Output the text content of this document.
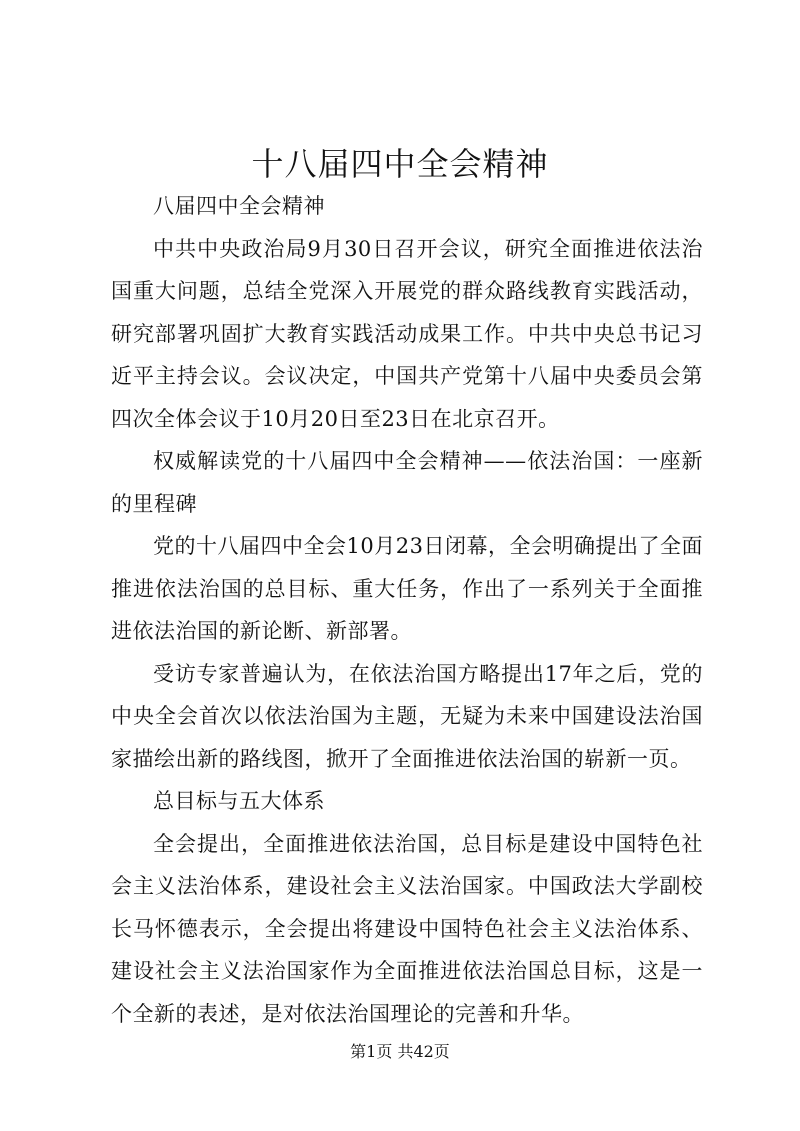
十八届四中全会精神

八届四中全会精神

中共中央政治局9月30日召开会议，研究全面推进依法治国重大问题，总结全党深入开展党的群众路线教育实践活动，研究部署巩固扩大教育实践活动成果工作。中共中央总书记习近平主持会议。会议决定，中国共产党第十八届中央委员会第四次全体会议于10月20日至23日在北京召开。

权威解读党的十八届四中全会精神——依法治国：一座新的里程碑

党的十八届四中全会10月23日闭幕，全会明确提出了全面推进依法治国的总目标、重大任务，作出了一系列关于全面推进依法治国的新论断、新部署。

受访专家普遍认为，在依法治国方略提出17年之后，党的中央全会首次以依法治国为主题，无疑为未来中国建设法治国家描绘出新的路线图，掀开了全面推进依法治国的崭新一页。

总目标与五大体系

全会提出，全面推进依法治国，总目标是建设中国特色社会主义法治体系，建设社会主义法治国家。中国政法大学副校长马怀德表示，全会提出将建设中国特色社会主义法治体系、建设社会主义法治国家作为全面推进依法治国总目标，这是一个全新的表述，是对依法治国理论的完善和升华。

第1页 共42页
